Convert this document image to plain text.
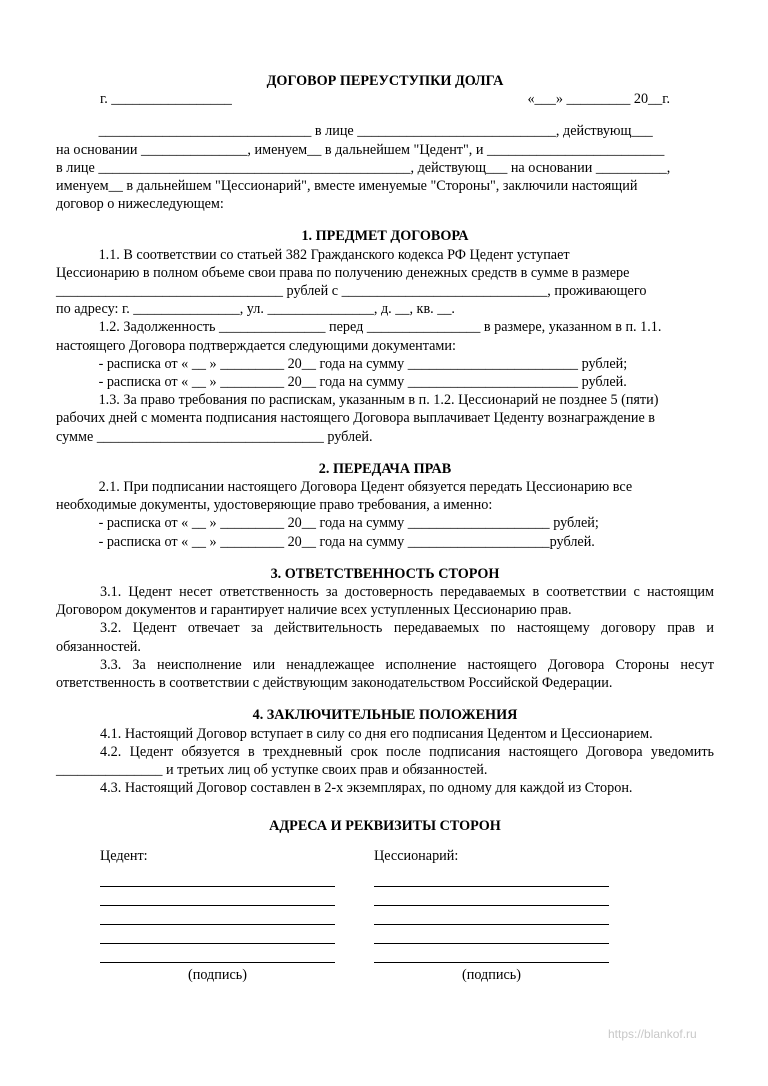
ДОГОВОР ПЕРЕУСТУПКИ ДОЛГА

г. _________________	«___» _________ 20__г.
______________________________ в лице ____________________________, действующ___
на основании _______________, именуем__ в дальнейшем "Цедент", и _________________________
в лице ____________________________________________, действующ___ на основании __________,
именуем__ в дальнейшем "Цессионарий", вместе именуемые "Стороны", заключили настоящий
договор о нижеследующем:

1. ПРЕДМЕТ ДОГОВОРА

1.1. В соответствии со статьей 382 Гражданского кодекса РФ Цедент уступает
Цессионарию в полном объеме свои права по получению денежных средств в сумме в размере
________________________________ рублей с _____________________________, проживающего
по адресу: г. _______________, ул. _______________, д. __, кв. __.
1.2. Задолженность _______________ перед ________________ в размере, указанном в п. 1.1.
настоящего Договора подтверждается следующими документами:
- расписка от « __ » _________ 20__ года на сумму ________________________ рублей;
- расписка от « __ » _________ 20__ года на сумму ________________________ рублей.
1.3. За право требования по распискам, указанным в п. 1.2. Цессионарий не позднее 5 (пяти)
рабочих дней с момента подписания настоящего Договора выплачивает Цеденту вознаграждение в
сумме ________________________________ рублей.

2. ПЕРЕДАЧА ПРАВ

2.1. При подписании настоящего Договора Цедент обязуется передать Цессионарию все
необходимые документы, удостоверяющие право требования, а именно:
- расписка от « __ » _________ 20__ года на сумму ____________________ рублей;
- расписка от « __ » _________ 20__ года на сумму ____________________рублей.

3. ОТВЕТСТВЕННОСТЬ СТОРОН

3.1. Цедент несет ответственность за достоверность передаваемых в соответствии с настоящим Договором документов и гарантирует наличие всех уступленных Цессионарию прав.

3.2. Цедент отвечает за действительность передаваемых по настоящему договору прав и обязанностей.

3.3. За неисполнение или ненадлежащее исполнение настоящего Договора Стороны несут ответственность в соответствии с действующим законодательством Российской Федерации.

4. ЗАКЛЮЧИТЕЛЬНЫЕ ПОЛОЖЕНИЯ

4.1. Настоящий Договор вступает в силу со дня его подписания Цедентом и Цессионарием.

4.2. Цедент обязуется в трехдневный срок после подписания настоящего Договора уведомить _______________ и третьих лиц об уступке своих прав и обязанностей.

4.3. Настоящий Договор составлен в 2-х экземплярах, по одному для каждой из Сторон.

АДРЕСА И РЕКВИЗИТЫ СТОРОН

Цедент:
(подпись)
Цессионарий:
(подпись)
https://blankof.ru
